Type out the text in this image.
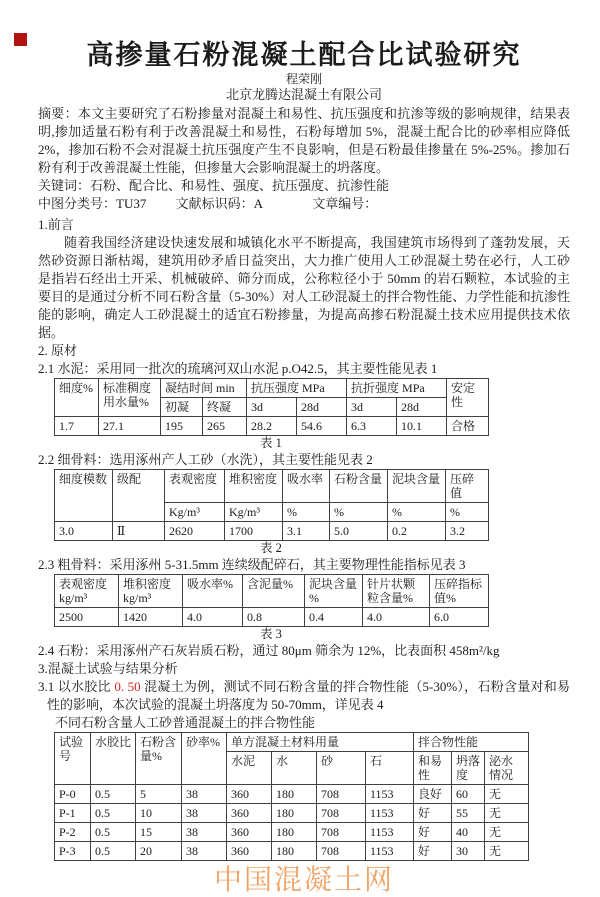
高掺量石粉混凝土配合比试验研究
程荣刚
北京龙腾达混凝土有限公司

摘要：本文主要研究了石粉掺量对混凝土和易性、抗压强度和抗渗等级的影响规律，结果表明,掺加适量石粉有利于改善混凝土和易性，石粉每增加 5%，混凝土配合比的砂率相应降低 2%，掺加石粉不会对混凝土抗压强度产生不良影响，但是石粉最佳掺量在 5%-25%。掺加石粉有利于改善混凝土性能，但掺量大会影响混凝土的坍落度。

关键词：石粉、配合比、和易性、强度、抗压强度、抗渗性能

中图分类号：TU37 文献标识码：A	文章编号：

1.前言

随着我国经济建设快速发展和城镇化水平不断提高，我国建筑市场得到了蓬勃发展，天然砂资源日渐枯竭，建筑用砂矛盾日益突出，大力推广使用人工砂混凝土势在必行，人工砂是指岩石经出土开采、机械破碎、筛分而成，公称粒径小于 50mm 的岩石颗粒，本试验的主要目的是通过分析不同石粉含量（5-30%）对人工砂混凝土的拌合物性能、力学性能和抗渗性能的影响，确定人工砂混凝土的适宜石粉掺量，为提高高掺石粉混凝土技术应用提供技术依据。

2. 原材

2.1 水泥：采用同一批次的琉璃河双山水泥 p.O42.5，其主要性能见表 1

细度%	标准稠度用水量%	凝结时间 min		抗压强度 MPa		抗折强度 MPa		安定性
		初凝	终凝	3d	28d	3d	28d	
1.7	27.1	195	265	28.2	54.6	6.3	10.1	合格

表 1

2.2 细骨料：选用涿州产人工砂（水洗），其主要性能见表 2

细度模数	级配	表观密度	堆积密度	吸水率	石粉含量	泥块含量	压碎值
		Kg/m³	Kg/m³	%	%	%	%
3.0	Ⅱ	2620	1700	3.1	5.0	0.2	3.2

表 2

2.3 粗骨料：采用涿州 5-31.5mm 连续级配碎石，其主要物理性能指标见表 3

表观密度 kg/m³	堆积密度 kg/m³	吸水率%	含泥量%	泥块含量 %	针片状颗粒含量%	压碎指标值%
2500	1420	4.0	0.8	0.4	4.0	6.0

表 3

2.4 石粉：采用涿州产石灰岩质石粉，通过 80μm 筛余为 12%，比表面积 458m²/kg

3.混凝土试验与结果分析

3.1 以水胶比 0. 50 混凝土为例，测试不同石粉含量的拌合物性能（5-30%），石粉含量对和易性的影响，本次试验的混凝土坍落度为 50-70mm，详见表 4

不同石粉含量人工砂普通混凝土的拌合物性能

试验号	水胶比	石粉含量%	砂率%	单方混凝土材料用量				拌合物性能		
				水泥	水	砂	石	和易性	坍落度	泌水情况
P-0	0.5	5	38	360	180	708	1153	良好	60	无
P-1	0.5	10	38	360	180	708	1153	好	55	无
P-2	0.5	15	38	360	180	708	1153	好	40	无
P-3	0.5	20	38	360	180	708	1153	好	30	无
中国混凝土网
